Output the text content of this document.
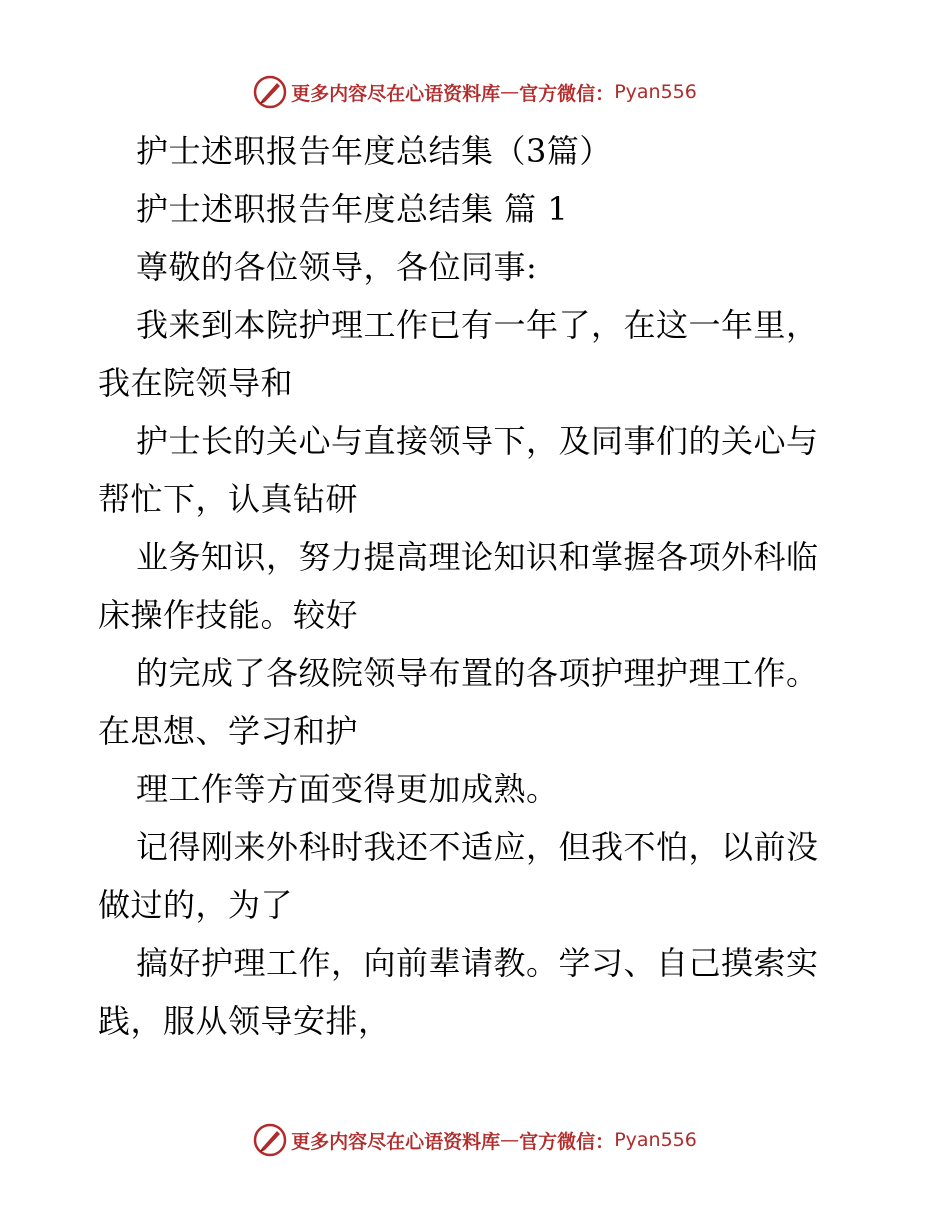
更多内容尽在心语资料库 — 官方微信： Pyan556
护士述职报告年度总结集（3篇）
护士述职报告年度总结集 篇 1
尊敬的各位领导，各位同事:
我来到本院护理工作已有一年了，在这一年里，
我在院领导和
护士长的关心与直接领导下，及同事们的关心与
帮忙下，认真钻研
业务知识，努力提高理论知识和掌握各项外科临
床操作技能。较好
的完成了各级院领导布置的各项护理护理工作。
在思想、学习和护
理工作等方面变得更加成熟。
记得刚来外科时我还不适应，但我不怕，以前没
做过的，为了
搞好护理工作，向前辈请教。学习、自己摸索实
践，服从领导安排，
更多内容尽在心语资料库 — 官方微信： Pyan556
